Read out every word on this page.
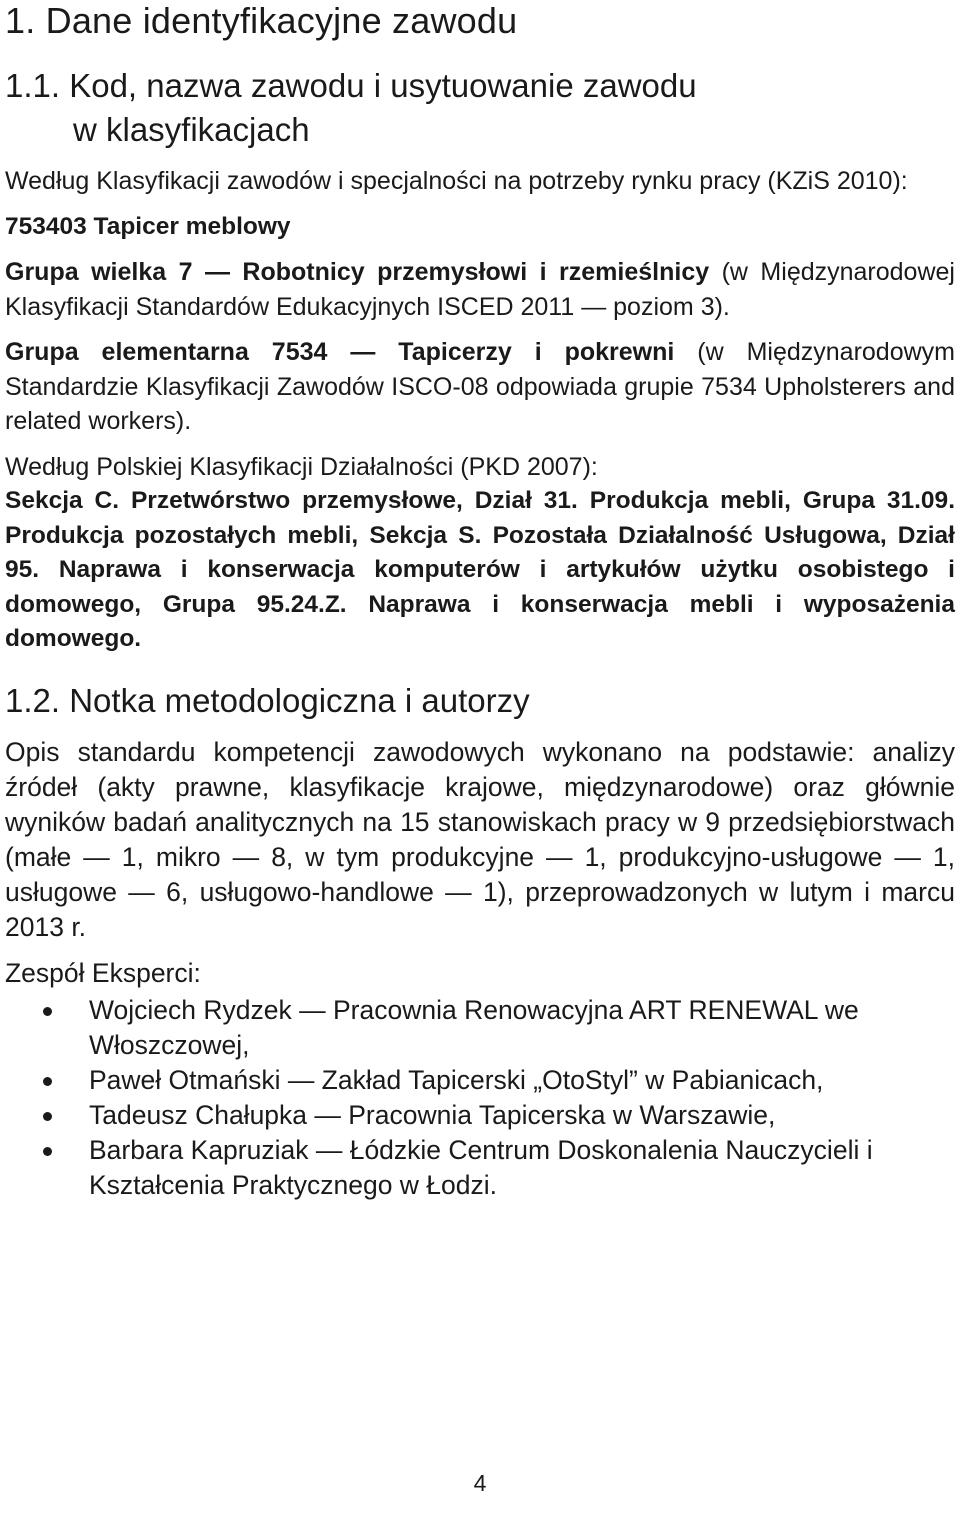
1. Dane identyfikacyjne zawodu
1.1. Kod, nazwa zawodu i usytuowanie zawodu
w klasyfikacjach

Według Klasyfikacji zawodów i specjalności na potrzeby rynku pracy (KZiS 2010):

753403 Tapicer meblowy

Grupa wielka 7 — Robotnicy przemysłowi i rzemieślnicy (w Międzynarodowej Klasyfikacji Standardów Edukacyjnych ISCED 2011 — poziom 3).

Grupa elementarna 7534 — Tapicerzy i pokrewni (w Międzynarodowym Standardzie Klasyfikacji Zawodów ISCO-08 odpowiada grupie 7534 Upholsterers and related workers).

Według Polskiej Klasyfikacji Działalności (PKD 2007):

Sekcja C. Przetwórstwo przemysłowe, Dział 31. Produkcja mebli, Grupa 31.09. Produkcja pozostałych mebli, Sekcja S. Pozostała Działalność Usługowa, Dział 95. Naprawa i konserwacja komputerów i artykułów użytku osobistego i domowego, Grupa 95.24.Z. Naprawa i konserwacja mebli i wyposażenia domowego.

1.2. Notka metodologiczna i autorzy

Opis standardu kompetencji zawodowych wykonano na podstawie: analizy źródeł (akty prawne, klasyfikacje krajowe, międzynarodowe) oraz głównie wyników badań analitycznych na 15 stanowiskach pracy w 9 przedsiębiorstwach (małe — 1, mikro — 8, w tym produkcyjne — 1, produkcyjno-usługowe — 1, usługowe — 6, usługowo-handlowe — 1), przeprowadzonych w lutym i marcu 2013 r.

Zespół Eksperci:

Wojciech Rydzek — Pracownia Renowacyjna ART RENEWAL we Włoszczowej,
Paweł Otmański — Zakład Tapicerski „OtoStyl” w Pabianicach,
Tadeusz Chałupka — Pracownia Tapicerska w Warszawie,
Barbara Kapruziak — Łódzkie Centrum Doskonalenia Nauczycieli i Kształcenia Praktycznego w Łodzi.
4
